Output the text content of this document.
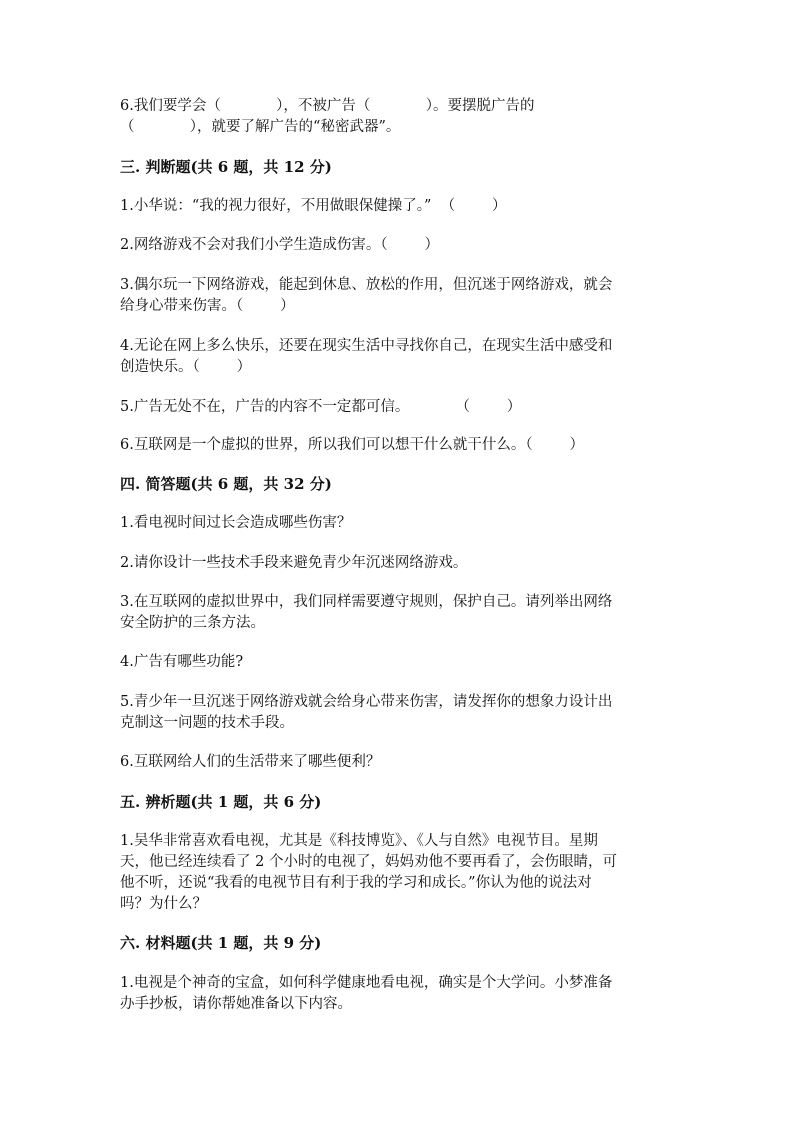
6.我们要学会（            ），不被广告（            ）。要摆脱广告的
（            ），就要了解广告的“秘密武器”。
三. 判断题(共 6 题，共 12 分)
1.小华说：“我的视力很好，不用做眼保健操了。”  （        ）
2.网络游戏不会对我们小学生造成伤害。（        ）
3.偶尔玩一下网络游戏，能起到休息、放松的作用，但沉迷于网络游戏，就会
给身心带来伤害。（        ）
4.无论在网上多么快乐，还要在现实生活中寻找你自己，在现实生活中感受和
创造快乐。（        ）
5.广告无处不在，广告的内容不一定都可信。          （        ）
6.互联网是一个虚拟的世界，所以我们可以想干什么就干什么。（        ）
四. 简答题(共 6 题，共 32 分)
1.看电视时间过长会造成哪些伤害？
2.请你设计一些技术手段来避免青少年沉迷网络游戏。
3.在互联网的虚拟世界中，我们同样需要遵守规则，保护自己。请列举出网络
安全防护的三条方法。
4.广告有哪些功能?
5.青少年一旦沉迷于网络游戏就会给身心带来伤害，请发挥你的想象力设计出
克制这一问题的技术手段。
6.互联网给人们的生活带来了哪些便利？
五. 辨析题(共 1 题，共 6 分)
1.吴华非常喜欢看电视，尤其是《科技博览》、《人与自然》电视节目。星期
天，他已经连续看了 2 个小时的电视了，妈妈劝他不要再看了，会伤眼睛，可
他不听，还说“我看的电视节目有利于我的学习和成长。”你认为他的说法对
吗？为什么？
六. 材料题(共 1 题，共 9 分)
1.电视是个神奇的宝盒，如何科学健康地看电视，确实是个大学问。小梦准备
办手抄板，请你帮她准备以下内容。
